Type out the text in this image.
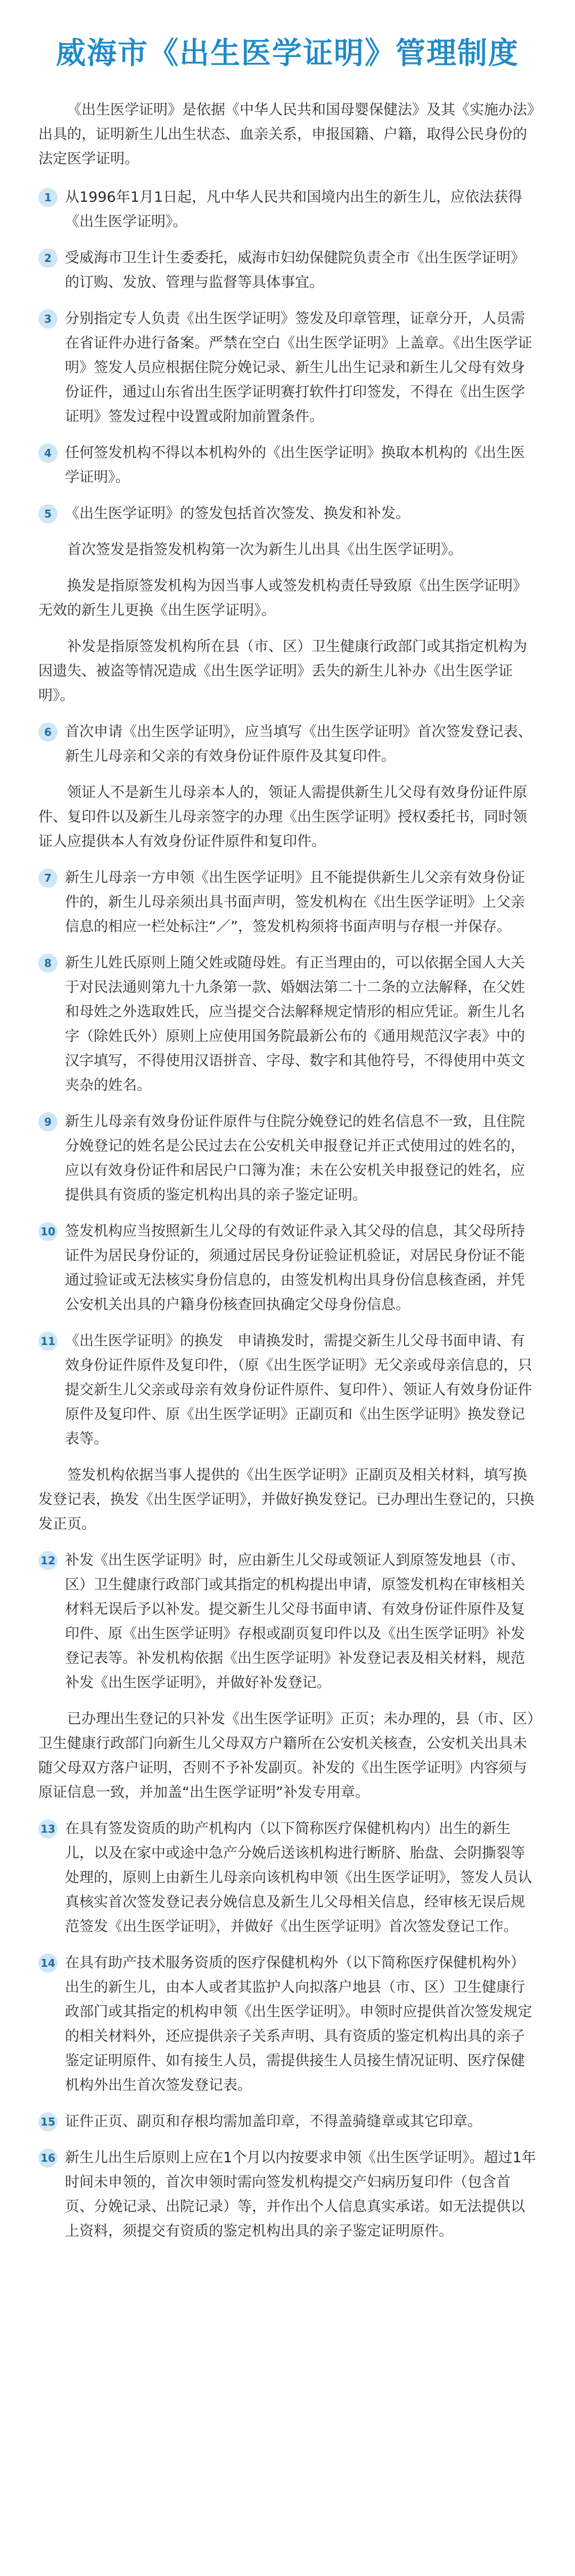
威海市《出生医学证明》管理制度

《出生医学证明》是依据《中华人民共和国母婴保健法》及其《实施办法》出具的，证明新生儿出生状态、血亲关系，申报国籍、户籍，取得公民身份的法定医学证明。

1 从1996年1月1日起，凡中华人民共和国境内出生的新生儿，应依法获得《出生医学证明》。
2 受威海市卫生计生委委托，威海市妇幼保健院负责全市《出生医学证明》的订购、发放、管理与监督等具体事宜。
3 分别指定专人负责《出生医学证明》签发及印章管理，证章分开，人员需在省证件办进行备案。严禁在空白《出生医学证明》上盖章。《出生医学证明》签发人员应根据住院分娩记录、新生儿出生记录和新生儿父母有效身份证件，通过山东省出生医学证明赛打软件打印签发，不得在《出生医学证明》签发过程中设置或附加前置条件。
4 任何签发机构不得以本机构外的《出生医学证明》换取本机构的《出生医学证明》。
5 《出生医学证明》的签发包括首次签发、换发和补发。

首次签发是指签发机构第一次为新生儿出具《出生医学证明》。

换发是指原签发机构为因当事人或签发机构责任导致原《出生医学证明》无效的新生儿更换《出生医学证明》。

补发是指原签发机构所在县（市、区）卫生健康行政部门或其指定机构为因遗失、被盗等情况造成《出生医学证明》丢失的新生儿补办《出生医学证明》。

6 首次申请《出生医学证明》，应当填写《出生医学证明》首次签发登记表、新生儿母亲和父亲的有效身份证件原件及其复印件。

领证人不是新生儿母亲本人的，领证人需提供新生儿父母有效身份证件原件、复印件以及新生儿母亲签字的办理《出生医学证明》授权委托书，同时领证人应提供本人有效身份证件原件和复印件。

7 新生儿母亲一方申领《出生医学证明》且不能提供新生儿父亲有效身份证件的，新生儿母亲须出具书面声明，签发机构在《出生医学证明》上父亲信息的相应一栏处标注“／”，签发机构须将书面声明与存根一并保存。
8 新生儿姓氏原则上随父姓或随母姓。有正当理由的，可以依据全国人大关于对民法通则第九十九条第一款、婚姻法第二十二条的立法解释，在父姓和母姓之外选取姓氏，应当提交合法解释规定情形的相应凭证。新生儿名字（除姓氏外）原则上应使用国务院最新公布的《通用规范汉字表》中的汉字填写，不得使用汉语拼音、字母、数字和其他符号，不得使用中英文夹杂的姓名。
9 新生儿母亲有效身份证件原件与住院分娩登记的姓名信息不一致，且住院分娩登记的姓名是公民过去在公安机关申报登记并正式使用过的姓名的，应以有效身份证件和居民户口簿为准；未在公安机关申报登记的姓名，应提供具有资质的鉴定机构出具的亲子鉴定证明。
10 签发机构应当按照新生儿父母的有效证件录入其父母的信息，其父母所持证件为居民身份证的，须通过居民身份证验证机验证，对居民身份证不能通过验证或无法核实身份信息的，由签发机构出具身份信息核查函，并凭公安机关出具的户籍身份核查回执确定父母身份信息。
11 《出生医学证明》的换发　申请换发时，需提交新生儿父母书面申请、有效身份证件原件及复印件，（原《出生医学证明》无父亲或母亲信息的，只提交新生儿父亲或母亲有效身份证件原件、复印件）、领证人有效身份证件原件及复印件、原《出生医学证明》正副页和《出生医学证明》换发登记表等。

签发机构依据当事人提供的《出生医学证明》正副页及相关材料，填写换发登记表，换发《出生医学证明》，并做好换发登记。已办理出生登记的，只换发正页。

12 补发《出生医学证明》时，应由新生儿父母或领证人到原签发地县（市、区）卫生健康行政部门或其指定的机构提出申请，原签发机构在审核相关材料无误后予以补发。提交新生儿父母书面申请、有效身份证件原件及复印件、原《出生医学证明》存根或副页复印件以及《出生医学证明》补发登记表等。补发机构依据《出生医学证明》补发登记表及相关材料，规范补发《出生医学证明》，并做好补发登记。

已办理出生登记的只补发《出生医学证明》正页；未办理的，县（市、区）卫生健康行政部门向新生儿父母双方户籍所在公安机关核查，公安机关出具未随父母双方落户证明，否则不予补发副页。补发的《出生医学证明》内容须与原证信息一致，并加盖“出生医学证明”补发专用章。

13 在具有签发资质的助产机构内（以下简称医疗保健机构内）出生的新生儿，以及在家中或途中急产分娩后送该机构进行断脐、胎盘、会阴撕裂等处理的，原则上由新生儿母亲向该机构申领《出生医学证明》，签发人员认真核实首次签发登记表分娩信息及新生儿父母相关信息，经审核无误后规范签发《出生医学证明》，并做好《出生医学证明》首次签发登记工作。
14 在具有助产技术服务资质的医疗保健机构外（以下简称医疗保健机构外）出生的新生儿，由本人或者其监护人向拟落户地县（市、区）卫生健康行政部门或其指定的机构申领《出生医学证明》。申领时应提供首次签发规定的相关材料外，还应提供亲子关系声明、具有资质的鉴定机构出具的亲子鉴定证明原件、如有接生人员，需提供接生人员接生情况证明、医疗保健机构外出生首次签发登记表。
15 证件正页、副页和存根均需加盖印章，不得盖骑缝章或其它印章。
16 新生儿出生后原则上应在1个月以内按要求申领《出生医学证明》。超过1年时间未申领的，首次申领时需向签发机构提交产妇病历复印件（包含首页、分娩记录、出院记录）等，并作出个人信息真实承诺。如无法提供以上资料，须提交有资质的鉴定机构出具的亲子鉴定证明原件。
